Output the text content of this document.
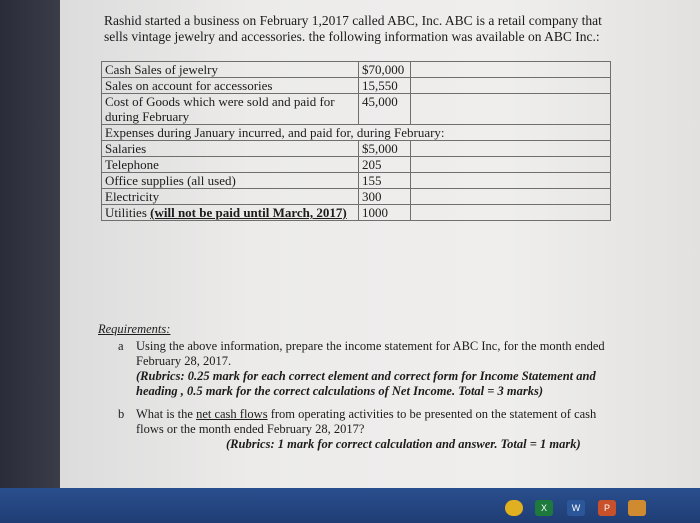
Rashid started a business on February 1,2017 called ABC, Inc. ABC is a retail company that sells vintage jewelry and accessories. the following information was available on ABC Inc.:
Cash Sales of jewelry	$70,000	
Sales on account for accessories	15,550	
Cost of Goods which were sold and paid for during February	45,000	
Expenses during January incurred, and paid for, during February:		
Salaries	$5,000	
Telephone	205	
Office supplies (all used)	155	
Electricity	300	
Utilities (will not be paid until March, 2017)	1000	
Requirements:
a Using the above information, prepare the income statement for ABC Inc, for the month ended February 28, 2017.
(Rubrics: 0.25 mark for each correct element and correct form for Income Statement and heading , 0.5 mark for the correct calculations of Net Income. Total = 3 marks)
b What is the net cash flows from operating activities to be presented on the statement of cash flows or the month ended February 28, 2017?
(Rubrics: 1 mark for correct calculation and answer. Total = 1 mark)
X	W	P
